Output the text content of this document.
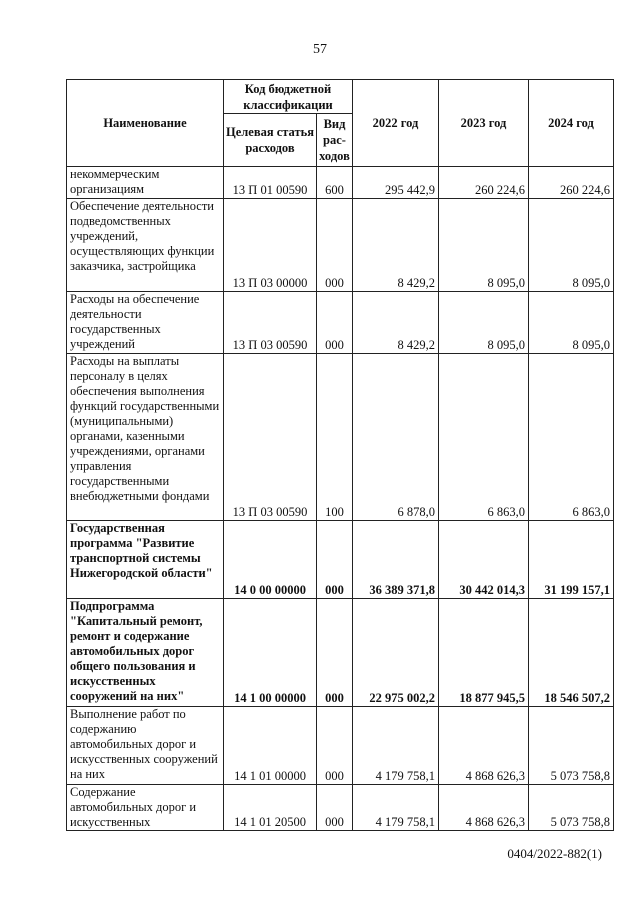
57
Наименование	Код бюджетной классификации		2022 год	2023 год	2024 год
	Целевая статья расходов	Вид рас-ходов			
некоммерческим организациям	13 П 01 00590	600	295 442,9	260 224,6	260 224,6
Обеспечение деятельности подведомственных учреждений, осуществляющих функции заказчика, застройщика	13 П 03 00000	000	8 429,2	8 095,0	8 095,0
Расходы на обеспечение деятельности государственных учреждений	13 П 03 00590	000	8 429,2	8 095,0	8 095,0
Расходы на выплаты персоналу в целях обеспечения выполнения функций государственными (муниципальными) органами, казенными учреждениями, органами управления государственными внебюджетными фондами	13 П 03 00590	100	6 878,0	6 863,0	6 863,0
Государственная программа "Развитие транспортной системы Нижегородской области"	14 0 00 00000	000	36 389 371,8	30 442 014,3	31 199 157,1
Подпрограмма "Капитальный ремонт, ремонт и содержание автомобильных дорог общего пользования и искусственных сооружений на них"	14 1 00 00000	000	22 975 002,2	18 877 945,5	18 546 507,2
Выполнение работ по содержанию автомобильных дорог и искусственных сооружений на них	14 1 01 00000	000	4 179 758,1	4 868 626,3	5 073 758,8
Содержание автомобильных дорог и искусственных	14 1 01 20500	000	4 179 758,1	4 868 626,3	5 073 758,8
0404/2022-882(1)
